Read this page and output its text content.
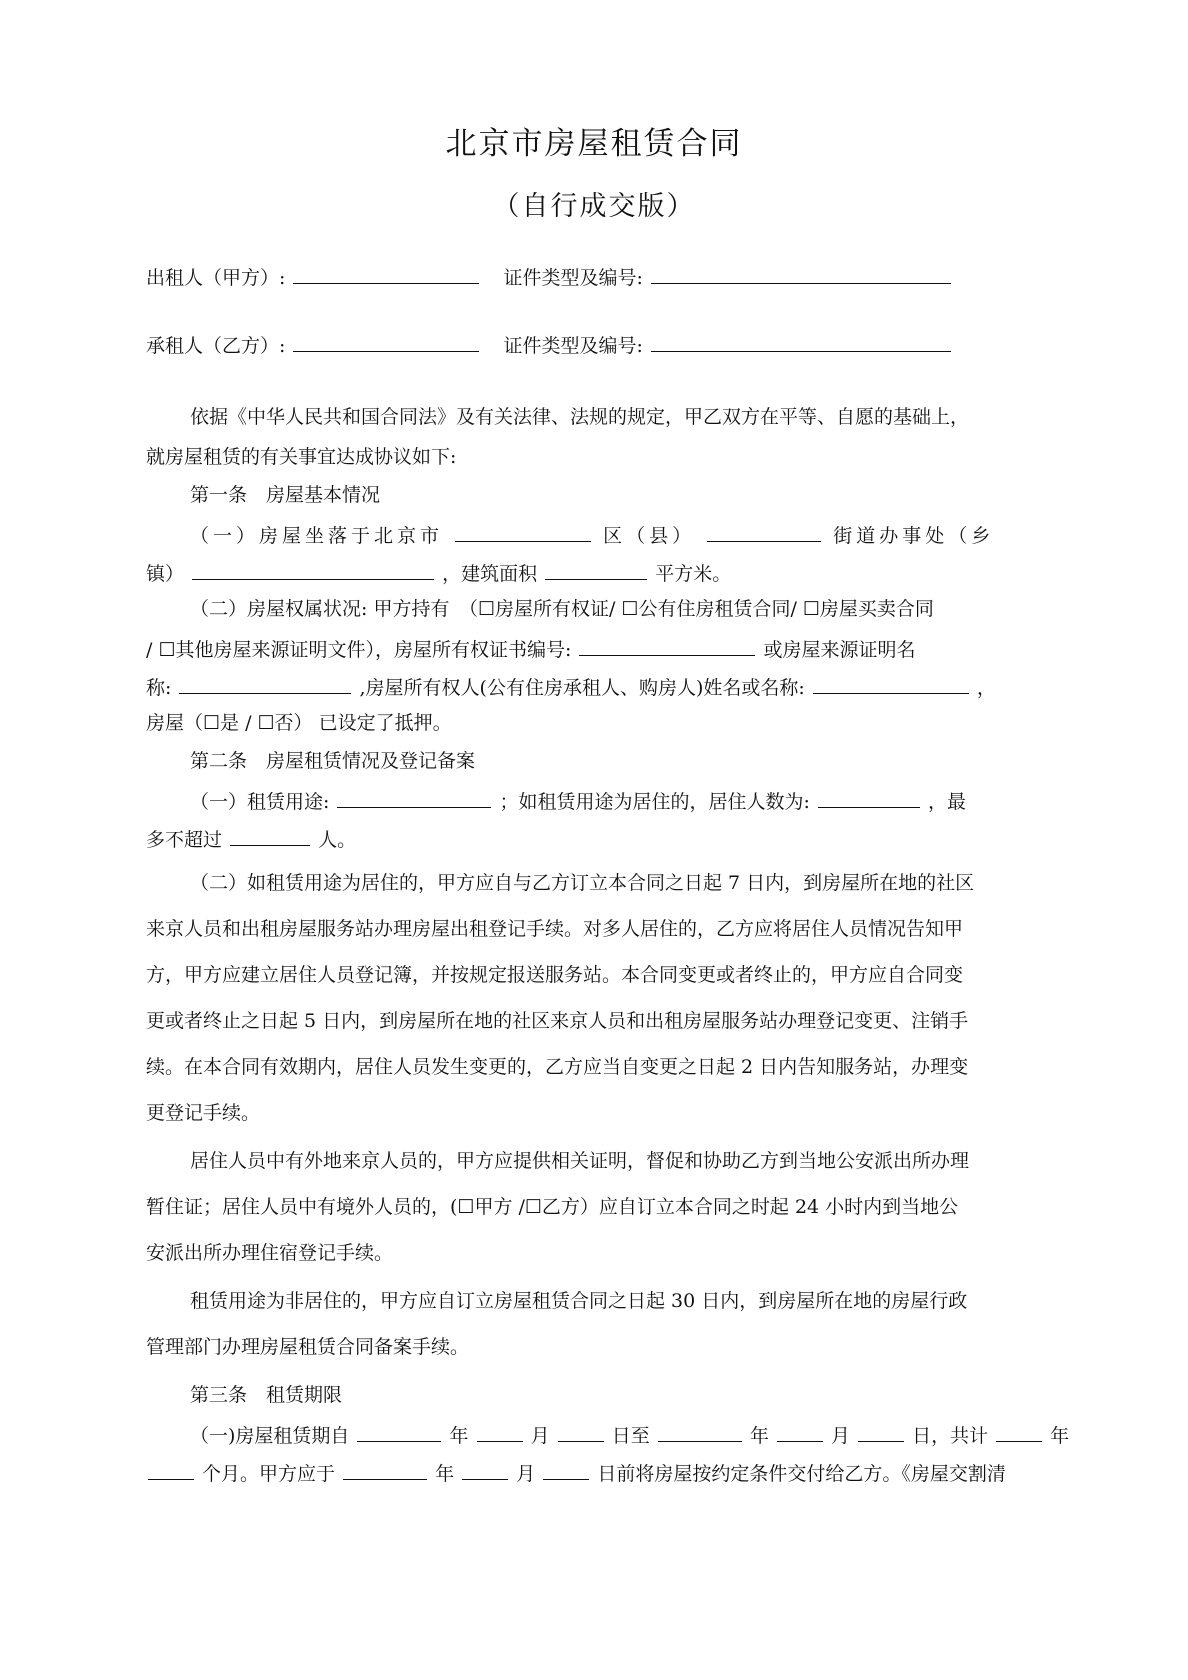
北京市房屋租赁合同
（自行成交版）
出租人（甲方）:	证件类型及编号:
承租人（乙方）:	证件类型及编号:
依据《中华人民共和国合同法》及有关法律、法规的规定，甲乙双方在平等、自愿的基础上，
就房屋租赁的有关事宜达成协议如下:
第一条　房屋基本情况
（一）房屋坐落于北京市	区（县）	街道办事处（乡
镇）	，建筑面积	平方米。
（二）房屋权属状况: 甲方持有　（☐房屋所有权证/ ☐公有住房租赁合同/ ☐房屋买卖合同
/ ☐其他房屋来源证明文件），房屋所有权证书编号:	或房屋来源证明名
称:	,房屋所有权人(公有住房承租人、购房人)姓名或名称:	，
房屋（☐是 / ☐否） 已设定了抵押。
第二条　房屋租赁情况及登记备案
（一）租赁用途:	；如租赁用途为居住的，居住人数为:	，最
多不超过	人。
（二）如租赁用途为居住的，甲方应自与乙方订立本合同之日起 7 日内，到房屋所在地的社区
来京人员和出租房屋服务站办理房屋出租登记手续。对多人居住的，乙方应将居住人员情况告知甲
方，甲方应建立居住人员登记簿，并按规定报送服务站。本合同变更或者终止的，甲方应自合同变
更或者终止之日起 5 日内，到房屋所在地的社区来京人员和出租房屋服务站办理登记变更、注销手
续。在本合同有效期内，居住人员发生变更的，乙方应当自变更之日起 2 日内告知服务站，办理变
更登记手续。
居住人员中有外地来京人员的，甲方应提供相关证明，督促和协助乙方到当地公安派出所办理
暂住证；居住人员中有境外人员的，(☐甲方 /☐乙方）应自订立本合同之时起 24 小时内到当地公
安派出所办理住宿登记手续。
租赁用途为非居住的，甲方应自订立房屋租赁合同之日起 30 日内，到房屋所在地的房屋行政
管理部门办理房屋租赁合同备案手续。
第三条　租赁期限
（一)房屋租赁期自	年	月	日至	年	月	日，共计	年
个月。甲方应于	年	月	日前将房屋按约定条件交付给乙方。《房屋交割清
